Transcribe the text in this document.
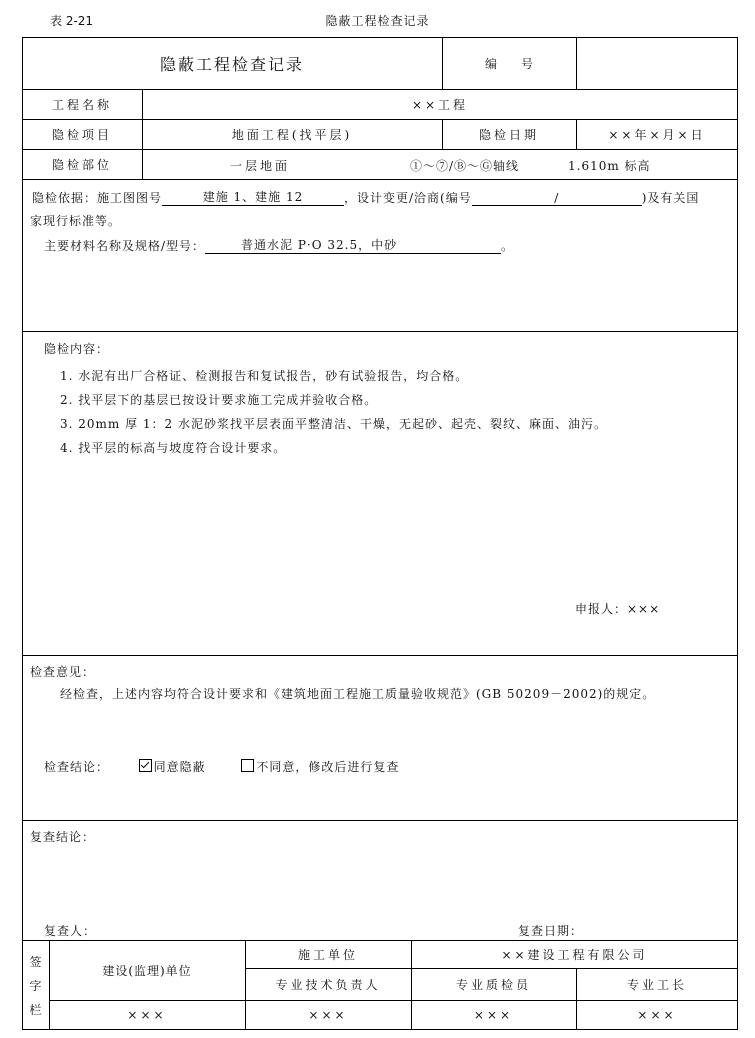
表 2-21	隐蔽工程检查记录
隐蔽工程检查记录	编　　号
工程名称	××工程
隐检项目	地面工程(找平层)	隐检日期	××年×月×日
隐检部位	一层地面	①～⑦/Ⓑ～Ⓖ轴线	1.610m 标高
隐检依据：施工图图号	建施 1、建施 12	，设计变更/洽商(编号	/	)及有关国
家现行标准等。
主要材料名称及规格/型号：	普通水泥 P·O 32.5，中砂	。
隐检内容：
1. 水泥有出厂合格证、检测报告和复试报告，砂有试验报告，均合格。
2. 找平层下的基层已按设计要求施工完成并验收合格。
3. 20mm 厚 1：2 水泥砂浆找平层表面平整清洁、干燥，无起砂、起壳、裂纹、麻面、油污。
4. 找平层的标高与坡度符合设计要求。
申报人：×××
检查意见：
经检查，上述内容均符合设计要求和《建筑地面工程施工质量验收规范》(GB 50209－2002)的规定。
检查结论：	同意隐蔽	不同意，修改后进行复查
复查结论：
复查人：	复查日期：
签
字
栏
建设(监理)单位
施工单位	××建设工程有限公司
专业技术负责人	专业质检员	专业工长
×××	×××	×××	×××
